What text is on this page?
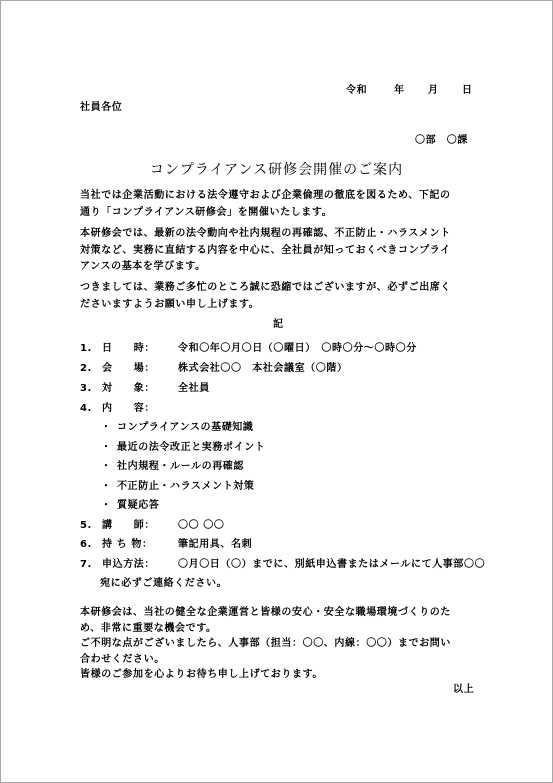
令和	年 月 日
社員各位
〇部　〇課
コンプライアンス研修会開催のご案内
当社では企業活動における法令遵守および企業倫理の徹底を図るため、下記の
通り「コンプライアンス研修会」を開催いたします。
本研修会では、最新の法令動向や社内規程の再確認、不正防止・ハラスメント
対策など、実務に直結する内容を中心に、全社員が知っておくべきコンプライ
アンスの基本を学びます。
つきましては、業務ご多忙のところ誠に恐縮ではございますが、必ずご出席く
ださいますようお願い申し上げます。
記
1. 日　　時： 令和〇年〇月〇日（〇曜日）　〇時〇分～〇時〇分
2. 会　　場： 株式会社〇〇　本社会議室（〇階）
3. 対　　象： 全社員
4. 内　　容：
・ コンプライアンスの基礎知識
・ 最近の法令改正と実務ポイント
・ 社内規程・ルールの再確認
・ 不正防止・ハラスメント対策
・ 質疑応答
5. 講　　師： 〇〇 〇〇
6. 持 ち 物：	筆記用具、名刺
7. 申込方法： 〇月〇日（〇）までに、別紙申込書またはメールにて人事部〇〇
宛に必ずご連絡ください。
本研修会は、当社の健全な企業運営と皆様の安心・安全な職場環境づくりのた
め、非常に重要な機会です。
ご不明な点がございましたら、人事部（担当：〇〇、内線：〇〇）までお問い
合わせください。
皆様のご参加を心よりお待ち申し上げております。
以上
